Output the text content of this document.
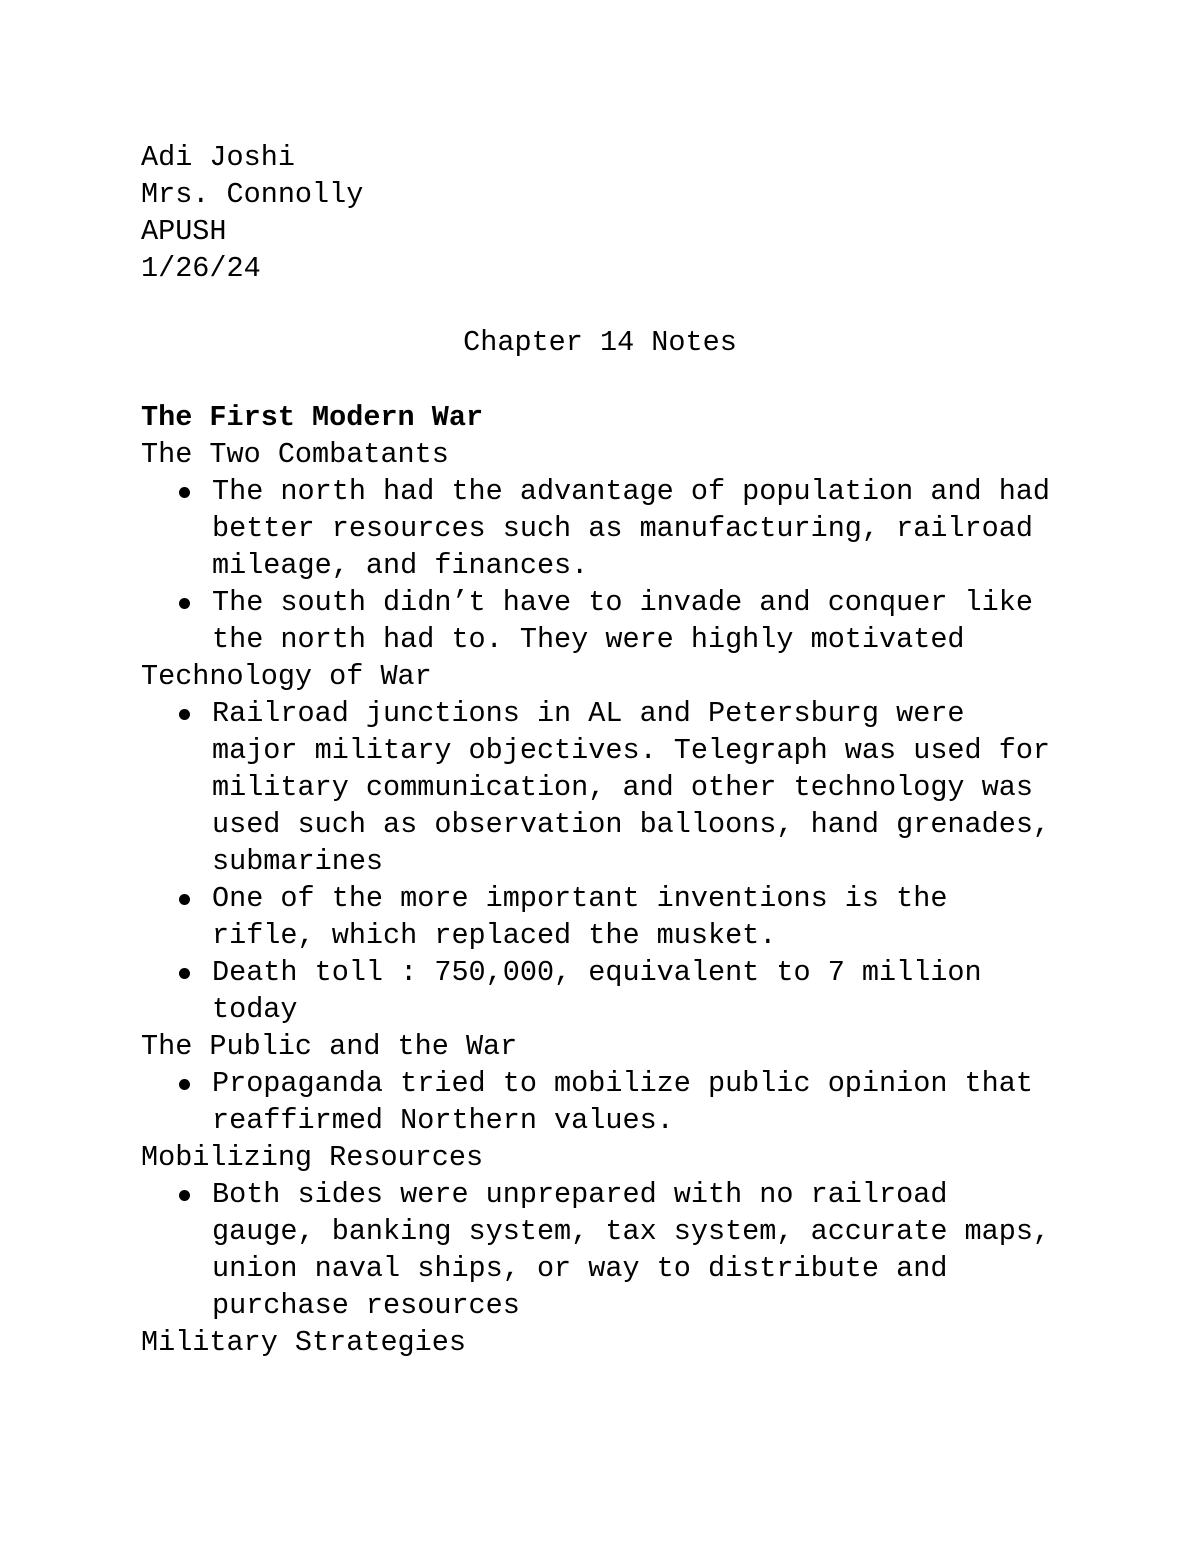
Adi Joshi
Mrs. Connolly
APUSH
1/26/24
Chapter 14 Notes
The First Modern War
The Two Combatants
The north had the advantage of population and had better resources such as manufacturing, railroad mileage, and finances.
The south didn’t have to invade and conquer like the north had to. They were highly motivated
Technology of War
Railroad junctions in AL and Petersburg were major military objectives. Telegraph was used for military communication, and other technology was used such as observation balloons, hand grenades, submarines
One of the more important inventions is the rifle, which replaced the musket.
Death toll : 750,000, equivalent to 7 million today
The Public and the War
Propaganda tried to mobilize public opinion that reaffirmed Northern values.
Mobilizing Resources
Both sides were unprepared with no railroad gauge, banking system, tax system, accurate maps, union naval ships, or way to distribute and purchase resources
Military Strategies
